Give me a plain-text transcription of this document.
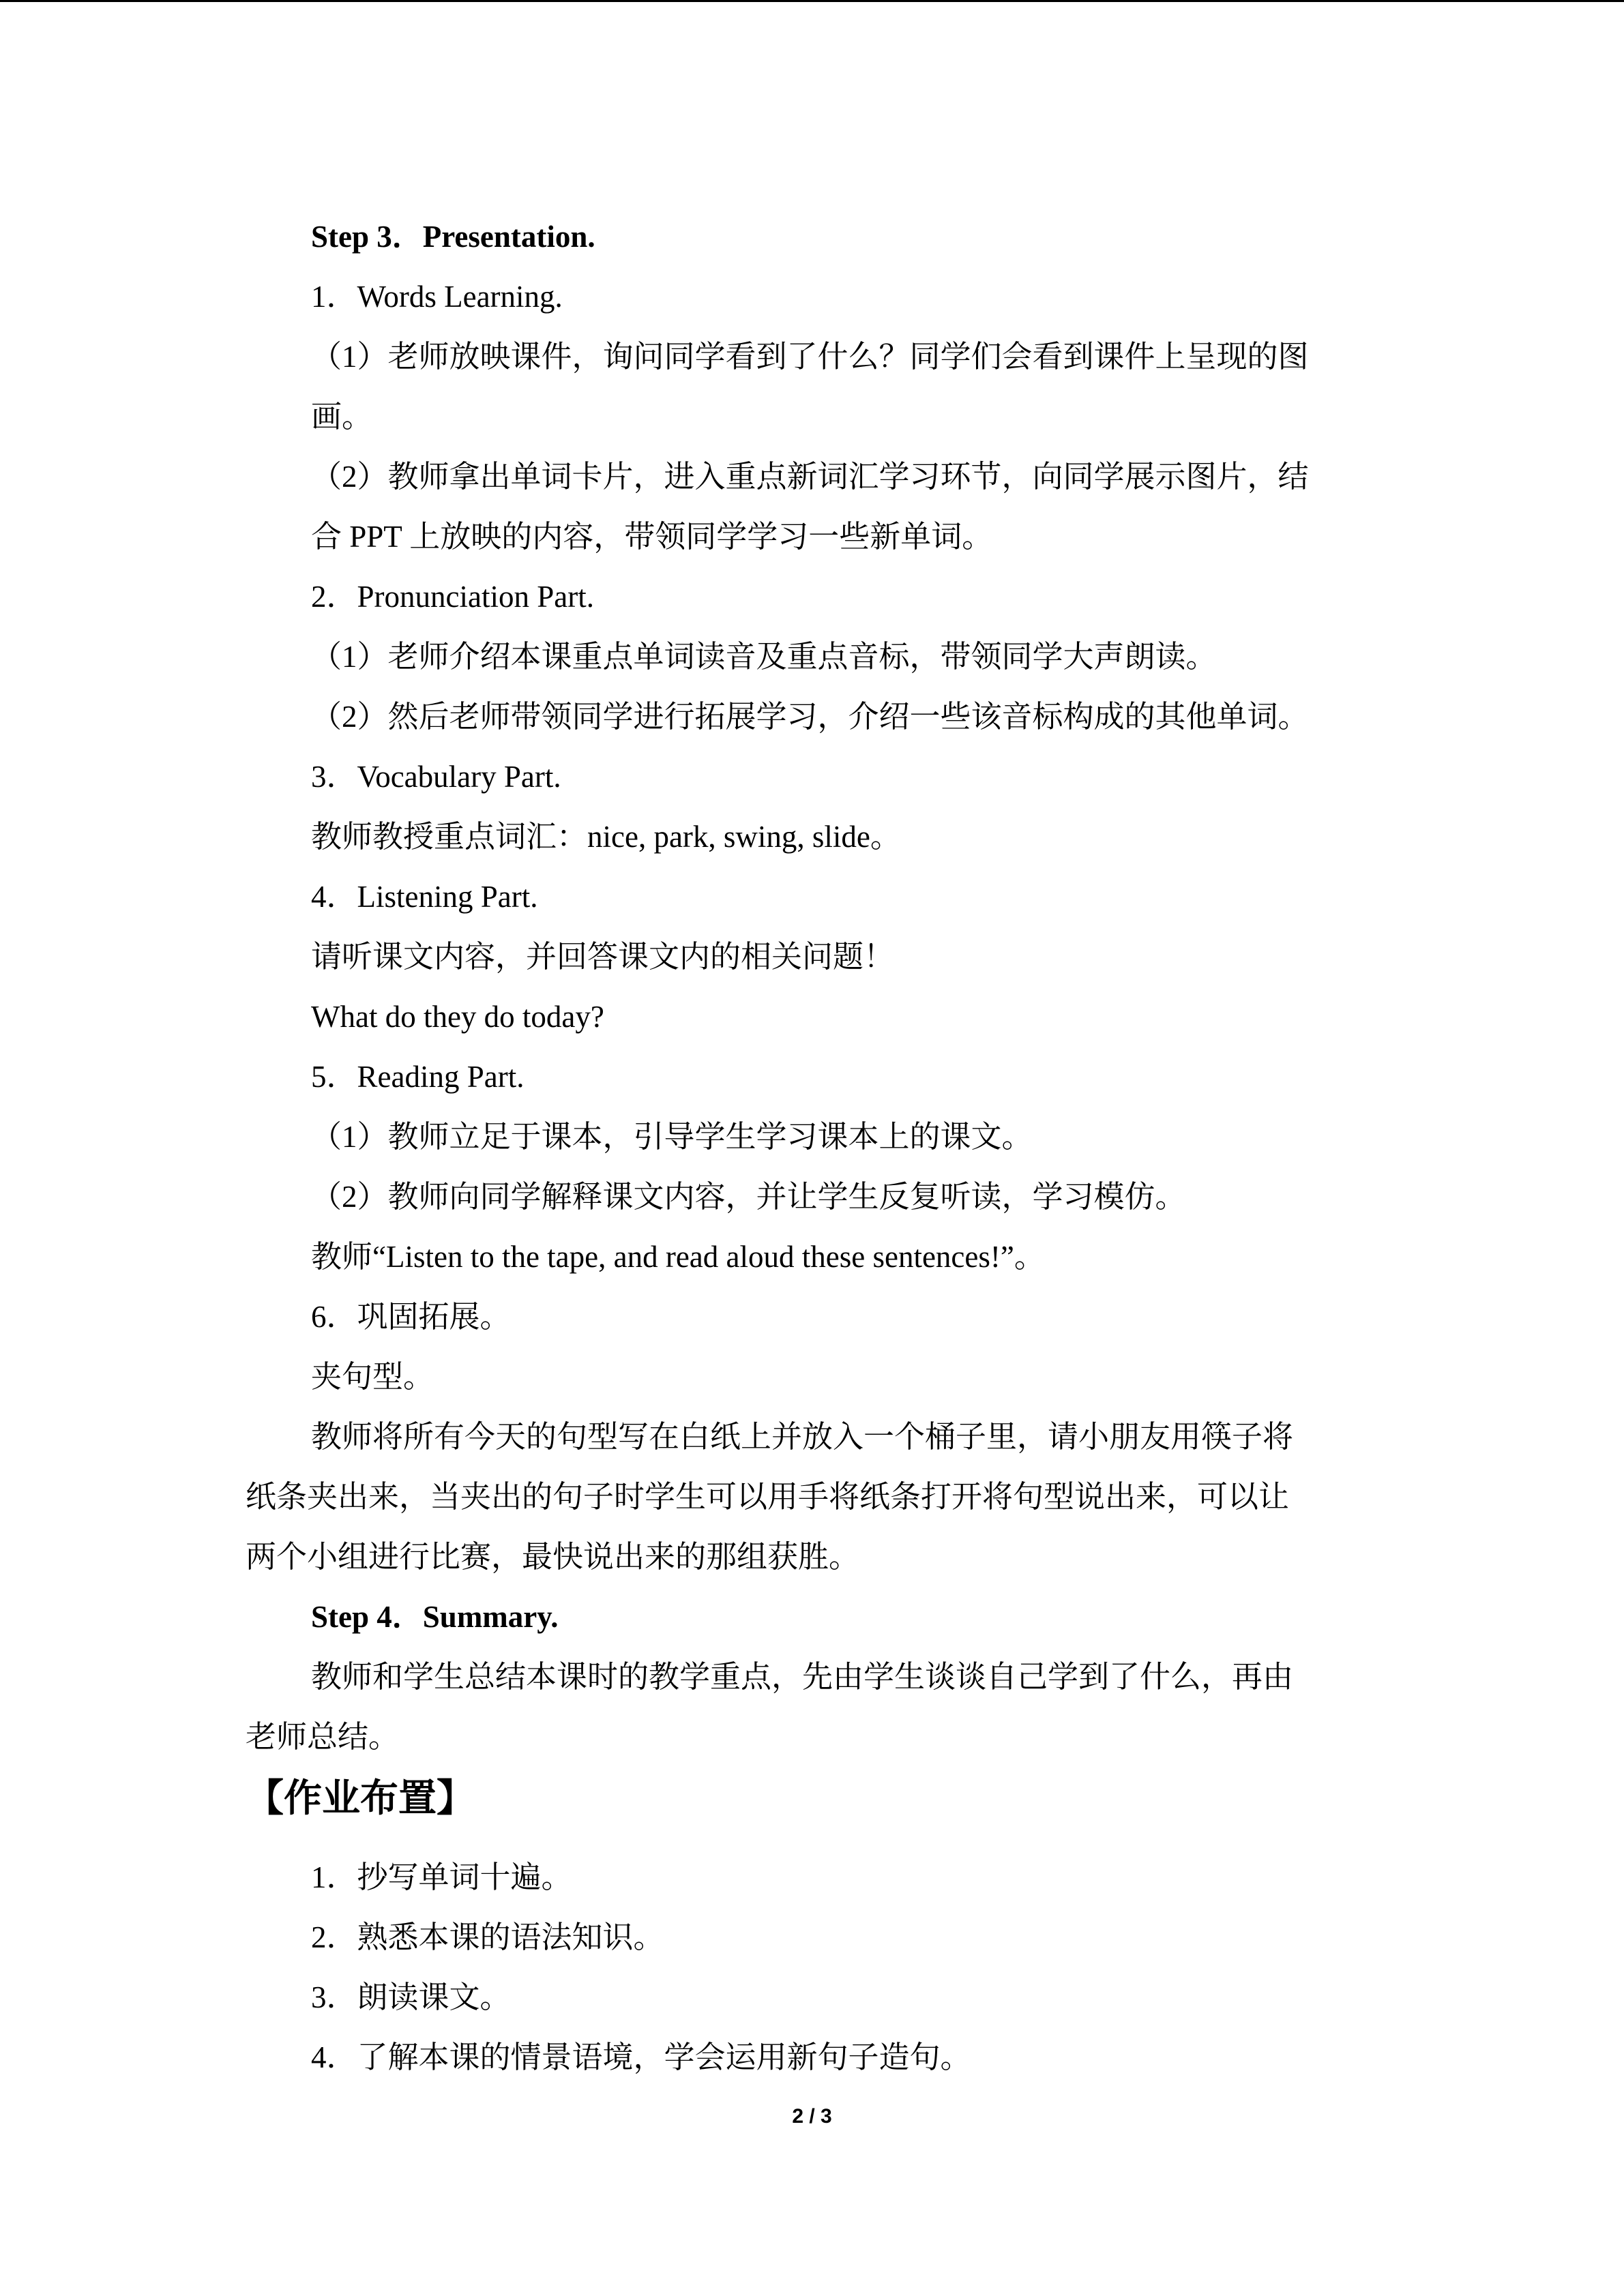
Step 3．Presentation.
1．Words Learning.
（1）老师放映课件，询问同学看到了什么？同学们会看到课件上呈现的图
画。
（2）教师拿出单词卡片，进入重点新词汇学习环节，向同学展示图片，结
合 PPT 上放映的内容，带领同学学习一些新单词。
2．Pronunciation Part.
（1）老师介绍本课重点单词读音及重点音标，带领同学大声朗读。
（2）然后老师带领同学进行拓展学习，介绍一些该音标构成的其他单词。
3．Vocabulary Part.
教师教授重点词汇：nice, park, swing, slide。
4．Listening Part.
请听课文内容，并回答课文内的相关问题！
What do they do today?
5．Reading Part.
（1）教师立足于课本，引导学生学习课本上的课文。
（2）教师向同学解释课文内容，并让学生反复听读，学习模仿。
教师“Listen to the tape, and read aloud these sentences!”。
6．巩固拓展。
夹句型。
教师将所有今天的句型写在白纸上并放入一个桶子里，请小朋友用筷子将
纸条夹出来，当夹出的句子时学生可以用手将纸条打开将句型说出来，可以让
两个小组进行比赛，最快说出来的那组获胜。
Step 4．Summary.
教师和学生总结本课时的教学重点，先由学生谈谈自己学到了什么，再由
老师总结。
【作业布置】
1．抄写单词十遍。
2．熟悉本课的语法知识。
3．朗读课文。
4．了解本课的情景语境，学会运用新句子造句。
2 / 3
